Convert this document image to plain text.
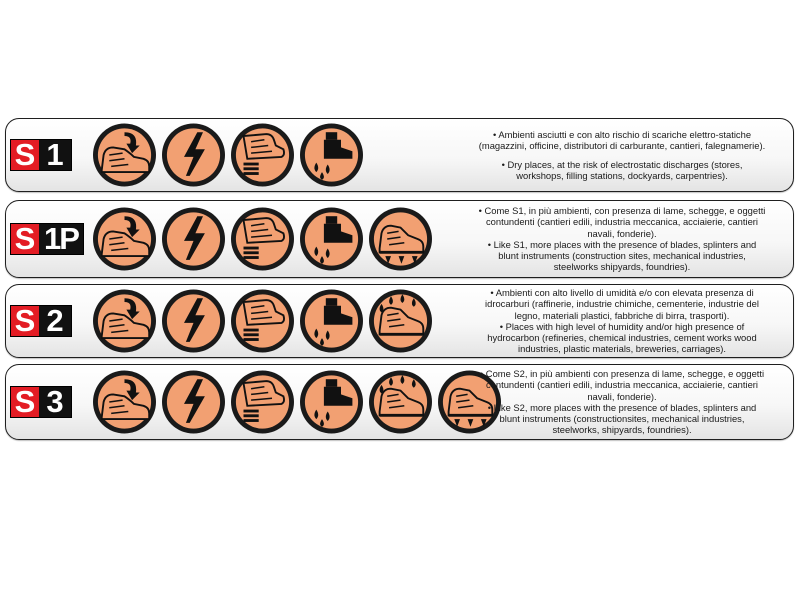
S 1

• Ambienti asciutti e con alto rischio di scariche elettro-statiche (magazzini, officine, distributori di carburante, cantieri, falegnamerie).

• Dry places, at the risk of electrostatic discharges (stores, workshops, filling stations, dockyards, carpentries).

S 1P

• Come S1, in più ambienti, con presenza di lame, schegge, e oggetti contundenti (cantieri edili, industria meccanica, acciaierie, cantieri navali, fonderie).

• Like S1, more places with the presence of blades, splinters and blunt instruments (construction sites, mechanical industries, steelworks shipyards, foundries).

S 2

• Ambienti con alto livello di umidità e/o con elevata presenza di idrocarburi (raffinerie, industrie chimiche, cementerie, industrie del legno, materiali plastici, fabbriche di birra, trasporti).

• Places with high level of humidity and/or high presence of hydrocarbon (refineries, chemical industries, cement works wood industries, plastic materials, breweries, carriages).

S 3

• Come S2, in più ambienti con presenza di lame, schegge, e oggetti contundenti (cantieri edili, industria meccanica, acciaierie, cantieri navali, fonderie).

• Like S2, more places with the presence of blades, splinters and blunt instruments (constructionsites, mechanical industries, steelworks, shipyards, foundries).
